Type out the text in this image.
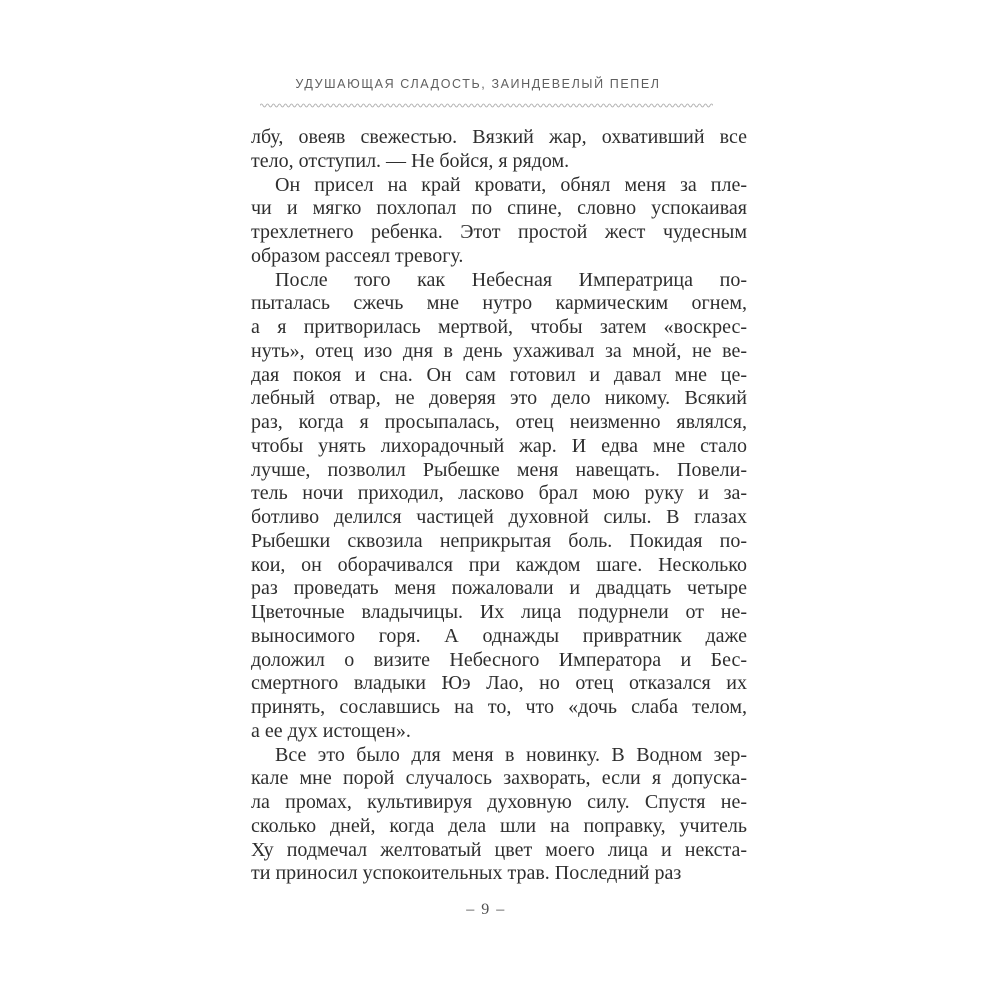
УДУШАЮЩАЯ СЛАДОСТЬ, ЗАИНДЕВЕЛЫЙ ПЕПЕЛ
лбу, овеяв свежестью. Вязкий жар, охвативший все
тело, отступил. — Не бойся, я рядом.
Он присел на край кровати, обнял меня за пле-
чи и мягко похлопал по спине, словно успокаивая
трехлетнего ребенка. Этот простой жест чудесным
образом рассеял тревогу.
После того как Небесная Императрица по-
пыталась сжечь мне нутро кармическим огнем,
а я притворилась мертвой, чтобы затем «воскрес-
нуть», отец изо дня в день ухаживал за мной, не ве-
дая покоя и сна. Он сам готовил и давал мне це-
лебный отвар, не доверяя это дело никому. Всякий
раз, когда я просыпалась, отец неизменно являлся,
чтобы унять лихорадочный жар. И едва мне стало
лучше, позволил Рыбешке меня навещать. Повели-
тель ночи приходил, ласково брал мою руку и за-
ботливо делился частицей духовной силы. В глазах
Рыбешки сквозила неприкрытая боль. Покидая по-
кои, он оборачивался при каждом шаге. Несколько
раз проведать меня пожаловали и двадцать четыре
Цветочные владычицы. Их лица подурнели от не-
выносимого горя. А однажды привратник даже
доложил о визите Небесного Императора и Бес-
смертного владыки Юэ Лао, но отец отказался их
принять, сославшись на то, что «дочь слаба телом,
а ее дух истощен».
Все это было для меня в новинку. В Водном зер-
кале мне порой случалось захворать, если я допуска-
ла промах, культивируя духовную силу. Спустя не-
сколько дней, когда дела шли на поправку, учитель
Ху подмечал желтоватый цвет моего лица и некста-
ти приносил успокоительных трав. Последний раз
– 9 –
